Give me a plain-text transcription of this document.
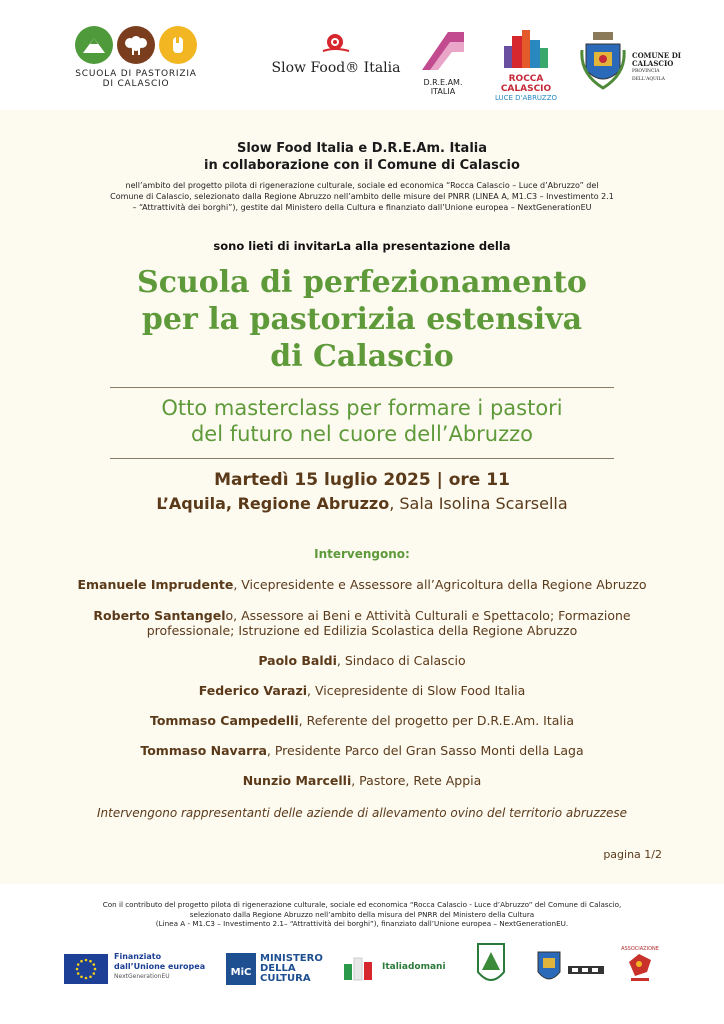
SCUOLA DI PASTORIZIA
DI CALASCIO
Slow Food® Italia
D.R.E.AM.
ITALIA
ROCCA CALASCIO
LUCE D'ABRUZZO
COMUNE DI
CALASCIO
PROVINCIA DELL'AQUILA
Slow Food Italia e D.R.E.Am. Italia
in collaborazione con il Comune di Calascio
nell’ambito del progetto pilota di rigenerazione culturale, sociale ed economica “Rocca Calascio – Luce d’Abruzzo” del Comune di Calascio, selezionato dalla Regione Abruzzo nell’ambito delle misure del PNRR (LINEA A, M1.C3 – Investimento 2.1 – “Attrattività dei borghi”), gestite dal Ministero della Cultura e finanziato dall’Unione europea – NextGenerationEU
sono lieti di invitarLa alla presentazione della
Scuola di perfezionamento
per la pastorizia estensiva
di Calascio
Otto masterclass per formare i pastori
del futuro nel cuore dell’Abruzzo
Martedì 15 luglio 2025 | ore 11
L’Aquila, Regione Abruzzo, Sala Isolina Scarsella
Intervengono:
Emanuele Imprudente, Vicepresidente e Assessore all’Agricoltura della Regione Abruzzo
Roberto Santangelo, Assessore ai Beni e Attività Culturali e Spettacolo; Formazione professionale; Istruzione ed Edilizia Scolastica della Regione Abruzzo
Paolo Baldi, Sindaco di Calascio
Federico Varazi, Vicepresidente di Slow Food Italia
Tommaso Campedelli, Referente del progetto per D.R.E.Am. Italia
Tommaso Navarra, Presidente Parco del Gran Sasso Monti della Laga
Nunzio Marcelli, Pastore, Rete Appia
Intervengono rappresentanti delle aziende di allevamento ovino del territorio abruzzese
pagina 1/2
Con il contributo del progetto pilota di rigenerazione culturale, sociale ed economica “Rocca Calascio - Luce d’Abruzzo” del Comune di Calascio,
selezionato dalla Regione Abruzzo nell’ambito della misura del PNRR del Ministero della Cultura
(Linea A - M1.C3 – Investimento 2.1– “Attrattività dei borghi”), finanziato dall’Unione europea – NextGenerationEU.
Finanziato
dall’Unione europea
NextGenerationEU	MiC
MINISTERO
DELLA
CULTURA
Italiadomani
ASSOCIAZIONE
